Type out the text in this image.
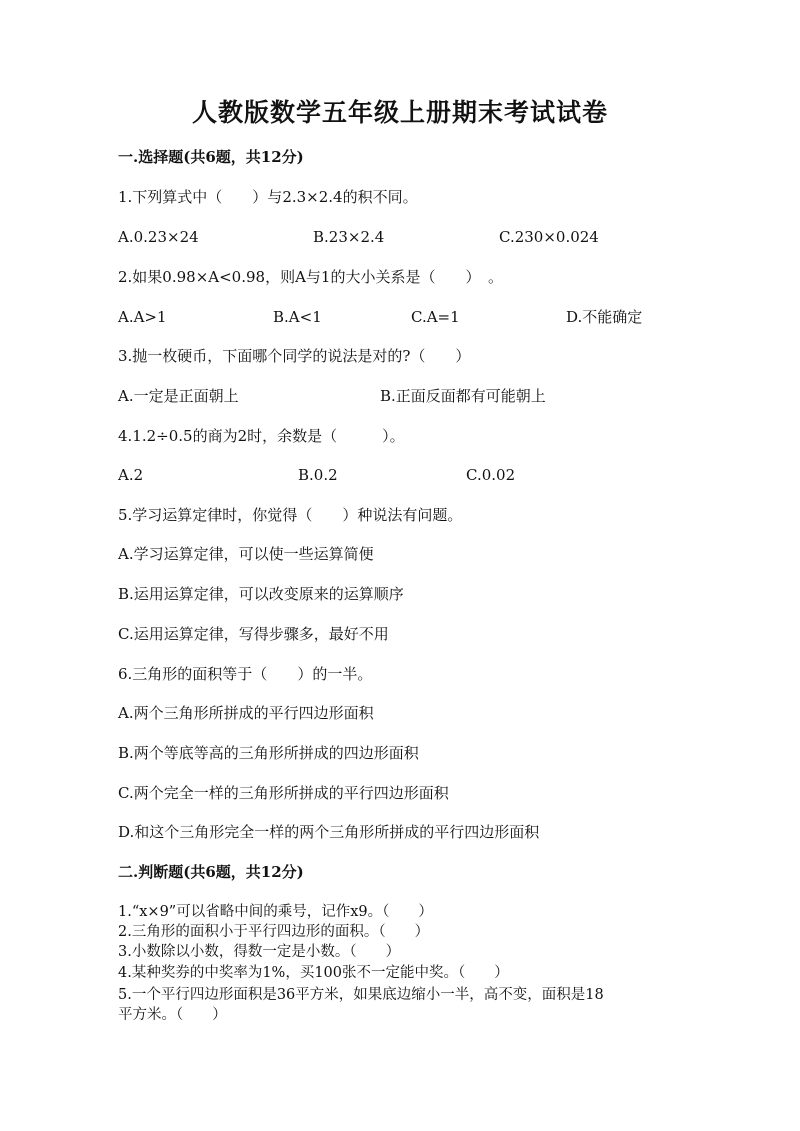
人教版数学五年级上册期末考试试卷
一.选择题(共6题，共12分)
1.下列算式中（　　）与2.3×2.4的积不同。
A.0.23×24	B.23×2.4	C.230×0.024
2.如果0.98×A<0.98，则A与1的大小关系是（　　）　。
A.A>1	B.A<1	C.A=1	D.不能确定
3.抛一枚硬币，下面哪个同学的说法是对的?（　　）
A.一定是正面朝上	B.正面反面都有可能朝上
4.1.2÷0.5的商为2时，余数是（　　　）。
A.2	B.0.2	C.0.02
5.学习运算定律时，你觉得（　　）种说法有问题。
A.学习运算定律，可以使一些运算简便
B.运用运算定律，可以改变原来的运算顺序
C.运用运算定律，写得步骤多，最好不用
6.三角形的面积等于（　　）的一半。
A.两个三角形所拼成的平行四边形面积
B.两个等底等高的三角形所拼成的四边形面积
C.两个完全一样的三角形所拼成的平行四边形面积
D.和这个三角形完全一样的两个三角形所拼成的平行四边形面积
二.判断题(共6题，共12分)
1.“x×9”可以省略中间的乘号，记作x9。（　　）
2.三角形的面积小于平行四边形的面积。（　　）
3.小数除以小数，得数一定是小数。（　　）
4.某种奖券的中奖率为1%，买100张不一定能中奖。（　　）
5.一个平行四边形面积是36平方米，如果底边缩小一半，高不变，面积是18
平方米。（　　）
